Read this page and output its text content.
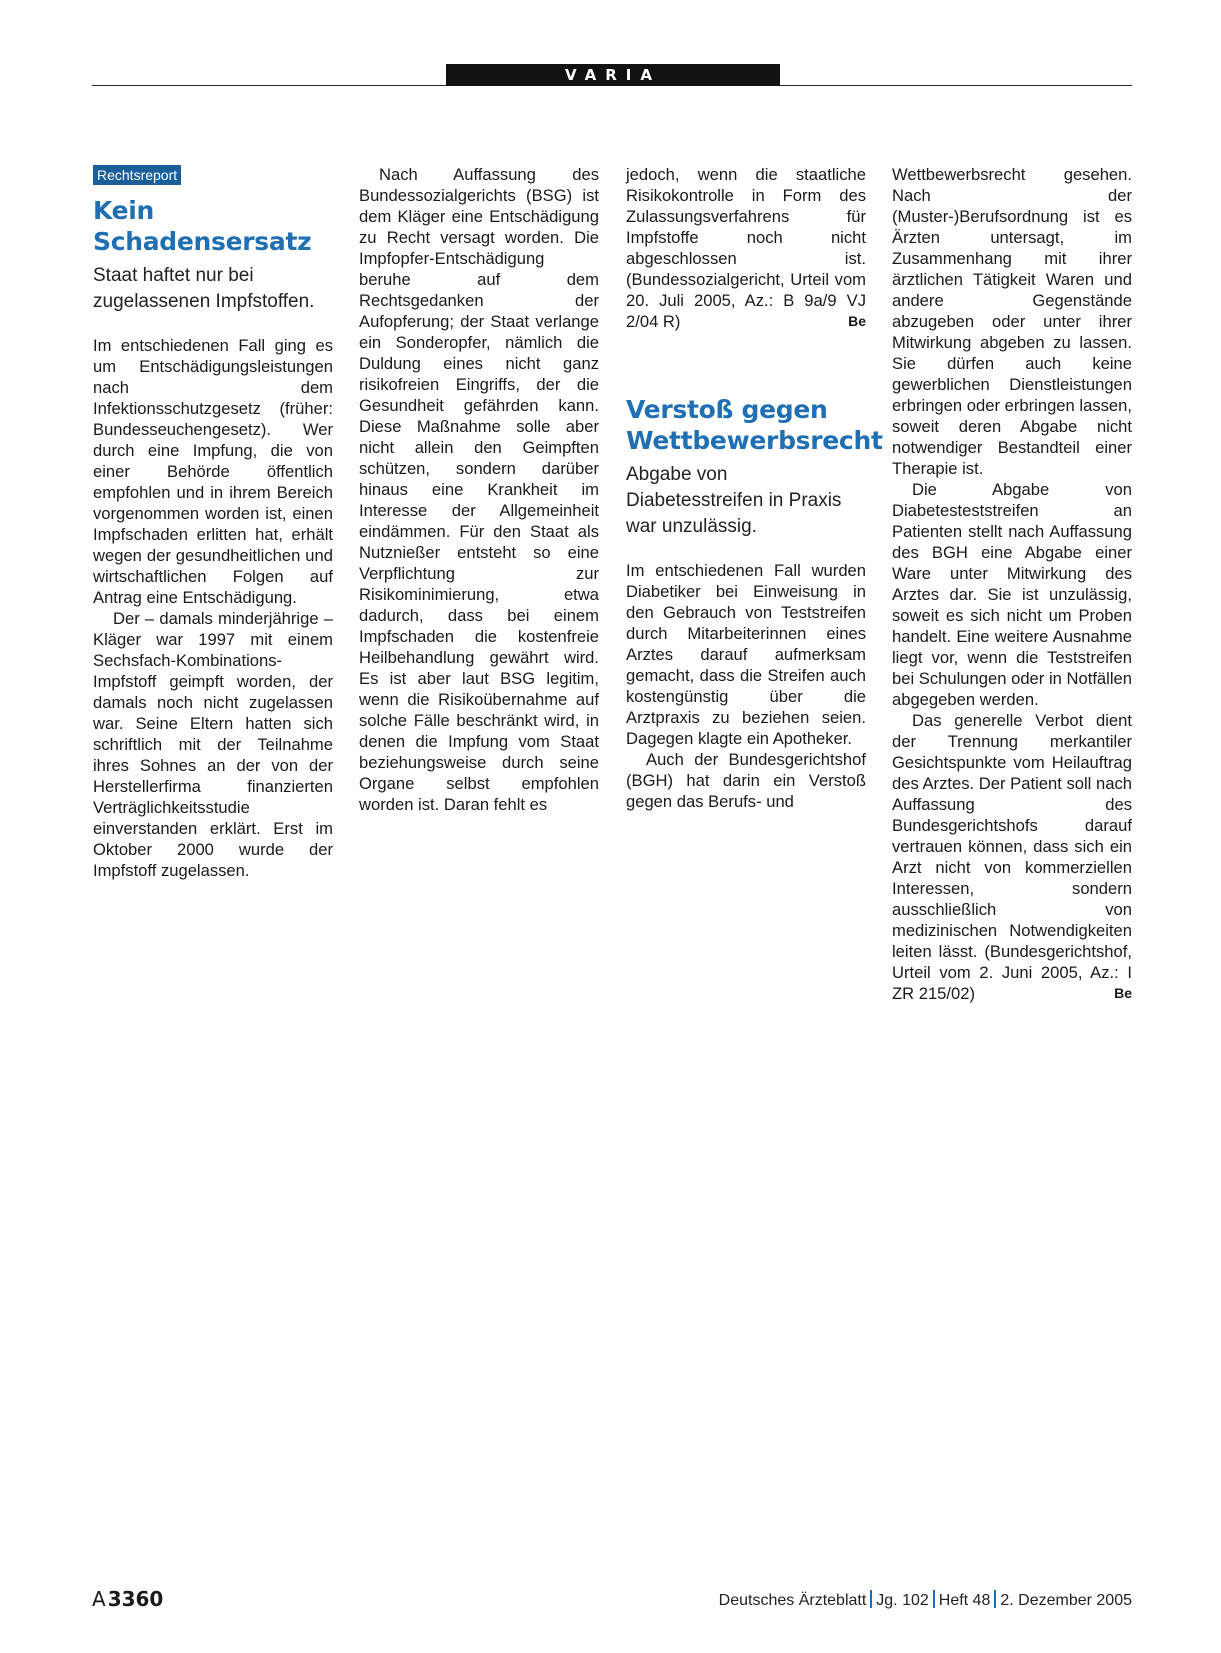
VARIA
Rechtsreport
Kein Schadensersatz
Staat haftet nur bei zugelassenen Impfstoffen.

Im entschiedenen Fall ging es um Entschädigungsleistungen nach dem Infektionsschutzgesetz (früher: Bundesseuchengesetz). Wer durch eine Impfung, die von einer Behörde öffentlich empfohlen und in ihrem Bereich vorgenommen worden ist, einen Impfschaden erlitten hat, erhält wegen der gesundheitlichen und wirtschaftlichen Folgen auf Antrag eine Entschädigung.

Der – damals minderjährige – Kläger war 1997 mit einem Sechsfach-Kombinations-Impfstoff geimpft worden, der damals noch nicht zugelassen war. Seine Eltern hatten sich schriftlich mit der Teilnahme ihres Sohnes an der von der Herstellerfirma finanzierten Verträglichkeitsstudie einverstanden erklärt. Erst im Oktober 2000 wurde der Impfstoff zugelassen.

Nach Auffassung des Bundessozialgerichts (BSG) ist dem Kläger eine Entschädigung zu Recht versagt worden. Die Impfopfer-Entschädigung beruhe auf dem Rechtsgedanken der Aufopferung; der Staat verlange ein Sonderopfer, nämlich die Duldung eines nicht ganz risikofreien Eingriffs, der die Gesundheit gefährden kann. Diese Maßnahme solle aber nicht allein den Geimpften schützen, sondern darüber hinaus eine Krankheit im Interesse der Allgemeinheit eindämmen. Für den Staat als Nutznießer entsteht so eine Verpflichtung zur Risikominimierung, etwa dadurch, dass bei einem Impfschaden die kostenfreie Heilbehandlung gewährt wird. Es ist aber laut BSG legitim, wenn die Risikoübernahme auf solche Fälle beschränkt wird, in denen die Impfung vom Staat beziehungsweise durch seine Organe selbst empfohlen worden ist. Daran fehlt es

jedoch, wenn die staatliche Risikokontrolle in Form des Zulassungsverfahrens für Impfstoffe noch nicht abgeschlossen ist. (Bundessozialgericht, Urteil vom 20. Juli 2005, Az.: B 9a/9 VJ 2/04 R)	Be
Verstoß gegen Wettbewerbsrecht
Abgabe von Diabetesstreifen in Praxis war unzulässig.

Im entschiedenen Fall wurden Diabetiker bei Einweisung in den Gebrauch von Teststreifen durch Mitarbeiterinnen eines Arztes darauf aufmerksam gemacht, dass die Streifen auch kostengünstig über die Arztpraxis zu beziehen seien. Dagegen klagte ein Apotheker.

Auch der Bundesgerichtshof (BGH) hat darin ein Verstoß gegen das Berufs- und

Wettbewerbsrecht gesehen. Nach der (Muster-)Berufsordnung ist es Ärzten untersagt, im Zusammenhang mit ihrer ärztlichen Tätigkeit Waren und andere Gegenstände abzugeben oder unter ihrer Mitwirkung abgeben zu lassen. Sie dürfen auch keine gewerblichen Dienstleistungen erbringen oder erbringen lassen, soweit deren Abgabe nicht notwendiger Bestandteil einer Therapie ist.

Die Abgabe von Diabetesteststreifen an Patienten stellt nach Auffassung des BGH eine Abgabe einer Ware unter Mitwirkung des Arztes dar. Sie ist unzulässig, soweit es sich nicht um Proben handelt. Eine weitere Ausnahme liegt vor, wenn die Teststreifen bei Schulungen oder in Notfällen abgegeben werden.

Das generelle Verbot dient der Trennung merkantiler Gesichtspunkte vom Heilauftrag des Arztes. Der Patient soll nach Auffassung des Bundesgerichtshofs darauf vertrauen können, dass sich ein Arzt nicht von kommerziellen Interessen, sondern ausschließlich von medizinischen Notwendigkeiten leiten lässt. (Bundesgerichtshof, Urteil vom 2. Juni 2005, Az.: I ZR 215/02)	Be

A 3360	Deutsches Ärzteblatt Jg. 102 Heft 48 2. Dezember 2005
